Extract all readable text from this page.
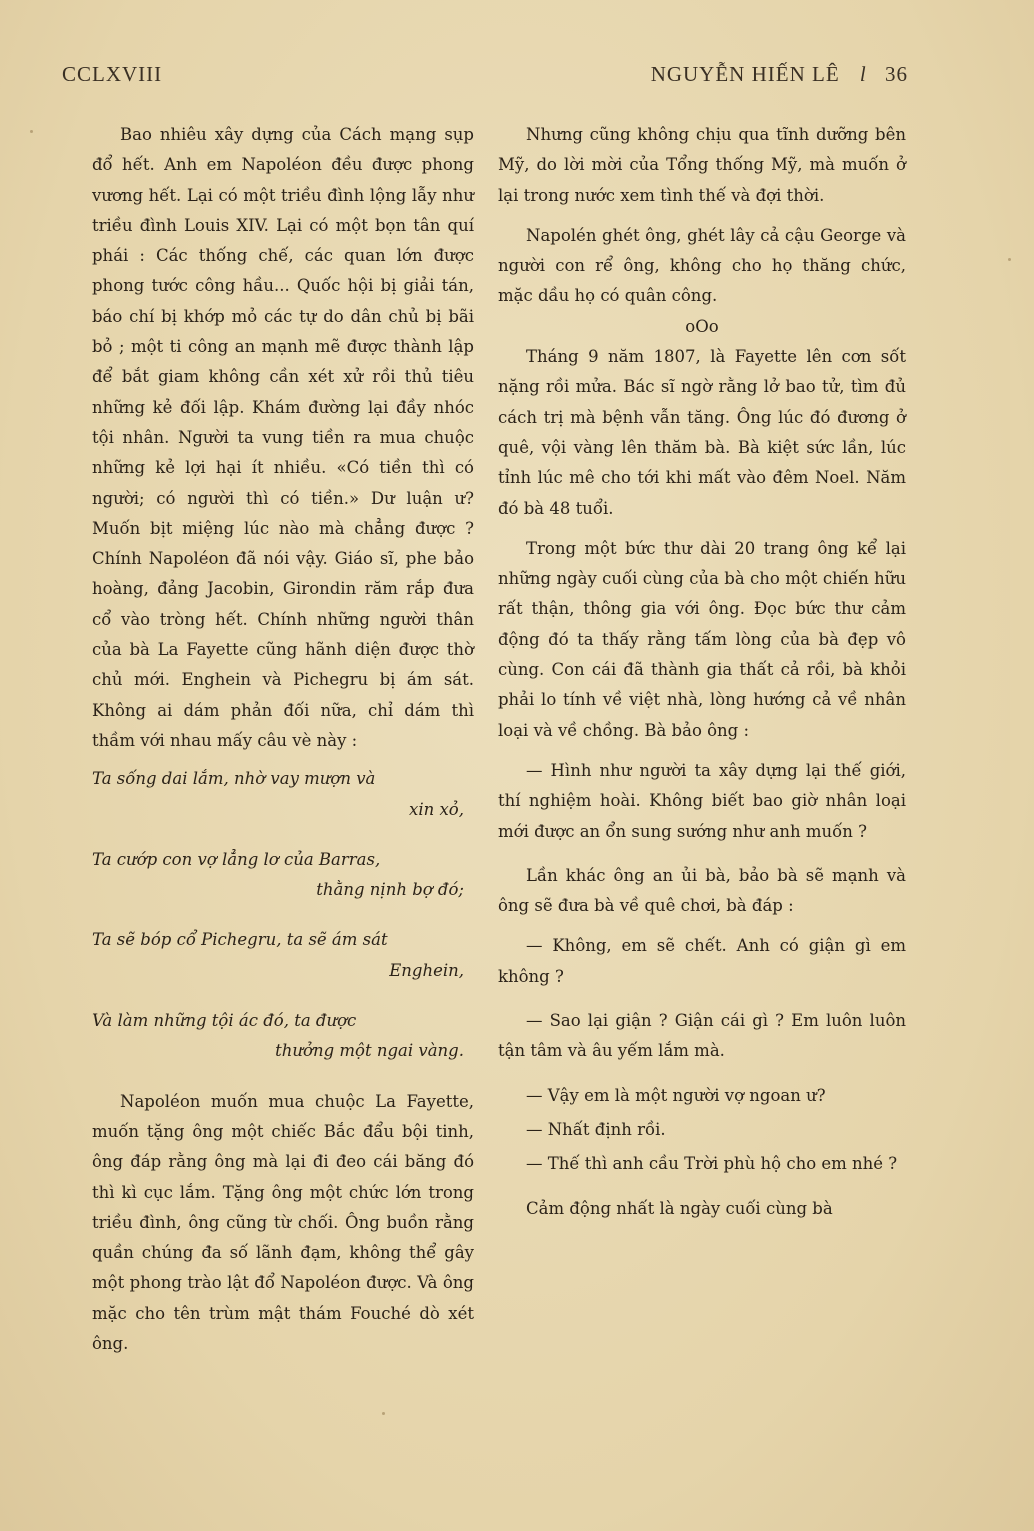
CCLXVIII	NGUYỄN HIẾN LÊ l 36

Bao nhiêu xây dựng của Cách mạng sụp đổ hết. Anh em Napoléon đều được phong vương hết. Lại có một triều đình lộng lẫy như triều đình Louis XIV. Lại có một bọn tân quí phái : Các thống chế, các quan lớn được phong tước công hầu... Quốc hội bị giải tán, báo chí bị khớp mỏ các tự do dân chủ bị bãi bỏ ; một ti công an mạnh mẽ được thành lập để bắt giam không cần xét xử rồi thủ tiêu những kẻ đối lập. Khám đường lại đầy nhóc tội nhân. Người ta vung tiền ra mua chuộc những kẻ lợi hại ít nhiều. «Có tiền thì có người; có người thì có tiền.» Dư luận ư? Muốn bịt miệng lúc nào mà chẳng được ? Chính Napoléon đã nói vậy. Giáo sĩ, phe bảo hoàng, đảng Jacobin, Girondin răm rắp đưa cổ vào tròng hết. Chính những người thân của bà La Fayette cũng hãnh diện được thờ chủ mới. Enghein và Pichegru bị ám sát. Không ai dám phản đối nữa, chỉ dám thì thầm với nhau mấy câu vè này :

Ta sống dai lắm, nhờ vay mượn và
xin xỏ,
Ta cướp con vợ lẳng lơ của Barras,
thằng nịnh bợ đó;
Ta sẽ bóp cổ Pichegru, ta sẽ ám sát
Enghein,
Và làm những tội ác đó, ta được
thưởng một ngai vàng.

Napoléon muốn mua chuộc La Fayette, muốn tặng ông một chiếc Bắc đẩu bội tinh, ông đáp rằng ông mà lại đi đeo cái băng đó thì kì cục lắm. Tặng ông một chức lớn trong triều đình, ông cũng từ chối. Ông buồn rằng quần chúng đa số lãnh đạm, không thể gây một phong trào lật đổ Napoléon được. Và ông mặc cho tên trùm mật thám Fouché dò xét ông.

Nhưng cũng không chịu qua tĩnh dưỡng bên Mỹ, do lời mời của Tổng thống Mỹ, mà muốn ở lại trong nước xem tình thế và đợi thời.

Napolén ghét ông, ghét lây cả cậu George và người con rể ông, không cho họ thăng chức, mặc dầu họ có quân công.

oOo

Tháng 9 năm 1807, là Fayette lên cơn sốt nặng rồi mửa. Bác sĩ ngờ rằng lở bao tử, tìm đủ cách trị mà bệnh vẫn tăng. Ông lúc đó đương ở quê, vội vàng lên thăm bà. Bà kiệt sức lần, lúc tỉnh lúc mê cho tới khi mất vào đêm Noel. Năm đó bà 48 tuổi.

Trong một bức thư dài 20 trang ông kể lại những ngày cuối cùng của bà cho một chiến hữu rất thận, thông gia với ông. Đọc bức thư cảm động đó ta thấy rằng tấm lòng của bà đẹp vô cùng. Con cái đã thành gia thất cả rồi, bà khỏi phải lo tính về việt nhà, lòng hướng cả về nhân loại và về chồng. Bà bảo ông :

— Hình như người ta xây dựng lại thế giới, thí nghiệm hoài. Không biết bao giờ nhân loại mới được an ổn sung sướng như anh muốn ?

Lần khác ông an ủi bà, bảo bà sẽ mạnh và ông sẽ đưa bà về quê chơi, bà đáp :

— Không, em sẽ chết. Anh có giận gì em không ?

— Sao lại giận ? Giận cái gì ? Em luôn luôn tận tâm và âu yếm lắm mà.

— Vậy em là một người vợ ngoan ư?

— Nhất định rồi.

— Thế thì anh cầu Trời phù hộ cho em nhé ?

Cảm động nhất là ngày cuối cùng bà
